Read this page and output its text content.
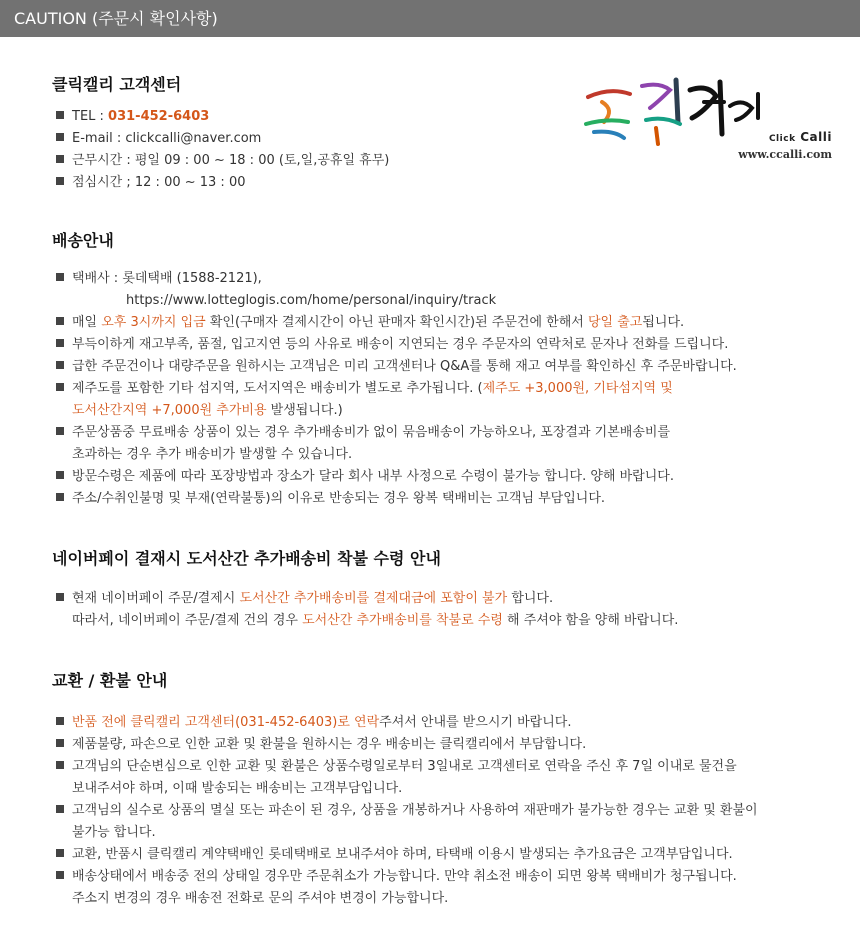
CAUTION (주문시 확인사항)
Click Calli
www.ccalli.com
클릭캘리 고객센터
TEL : 031-452-6403
E-mail : clickcalli@naver.com
근무시간 : 평일 09 : 00 ~ 18 : 00 (토,일,공휴일 휴무)
점심시간 ; 12 : 00 ~ 13 : 00
배송안내
택배사 : 롯데택배 (1588-2121),
https://www.lotteglogis.com/home/personal/inquiry/track
매일 오후 3시까지 입금 확인(구매자 결제시간이 아닌 판매자 확인시간)된 주문건에 한해서 당일 출고됩니다.
부득이하게 재고부족, 품절, 입고지연 등의 사유로 배송이 지연되는 경우 주문자의 연락처로 문자나 전화를 드립니다.
급한 주문건이나 대량주문을 원하시는 고객님은 미리 고객센터나 Q&A를 통해 재고 여부를 확인하신 후 주문바랍니다.
제주도를 포함한 기타 섬지역, 도서지역은 배송비가 별도로 추가됩니다. (제주도 +3,000원, 기타섬지역 및
도서산간지역 +7,000원 추가비용 발생됩니다.)
주문상품중 무료배송 상품이 있는 경우 추가배송비가 없이 묶음배송이 가능하오나, 포장결과 기본배송비를
초과하는 경우 추가 배송비가 발생할 수 있습니다.
방문수령은 제품에 따라 포장방법과 장소가 달라 회사 내부 사정으로 수령이 불가능 합니다. 양해 바랍니다.
주소/수취인불명 및 부재(연락불통)의 이유로 반송되는 경우 왕복 택배비는 고객님 부담입니다.
네이버페이 결재시 도서산간 추가배송비 착불 수령 안내
현재 네이버페이 주문/결제시 도서산간 추가배송비를 결제대금에 포함이 불가 합니다.
따라서, 네이버페이 주문/결제 건의 경우 도서산간 추가배송비를 착불로 수령 해 주셔야 함을 양해 바랍니다.
교환 / 환불 안내
반품 전에 클릭캘리 고객센터(031-452-6403)로 연락주셔서 안내를 받으시기 바랍니다.
제품불량, 파손으로 인한 교환 및 환불을 원하시는 경우 배송비는 클릭캘리에서 부담합니다.
고객님의 단순변심으로 인한 교환 및 환불은 상품수령일로부터 3일내로 고객센터로 연락을 주신 후 7일 이내로 물건을
보내주셔야 하며, 이때 발송되는 배송비는 고객부담입니다.
고객님의 실수로 상품의 멸실 또는 파손이 된 경우, 상품을 개봉하거나 사용하여 재판매가 불가능한 경우는 교환 및 환불이
불가능 합니다.
교환, 반품시 클릭캘리 계약택배인 롯데택배로 보내주셔야 하며, 타택배 이용시 발생되는 추가요금은 고객부담입니다.
배송상태에서 배송중 전의 상태일 경우만 주문취소가 가능합니다. 만약 취소전 배송이 되면 왕복 택배비가 청구됩니다.
주소지 변경의 경우 배송전 전화로 문의 주셔야 변경이 가능합니다.
